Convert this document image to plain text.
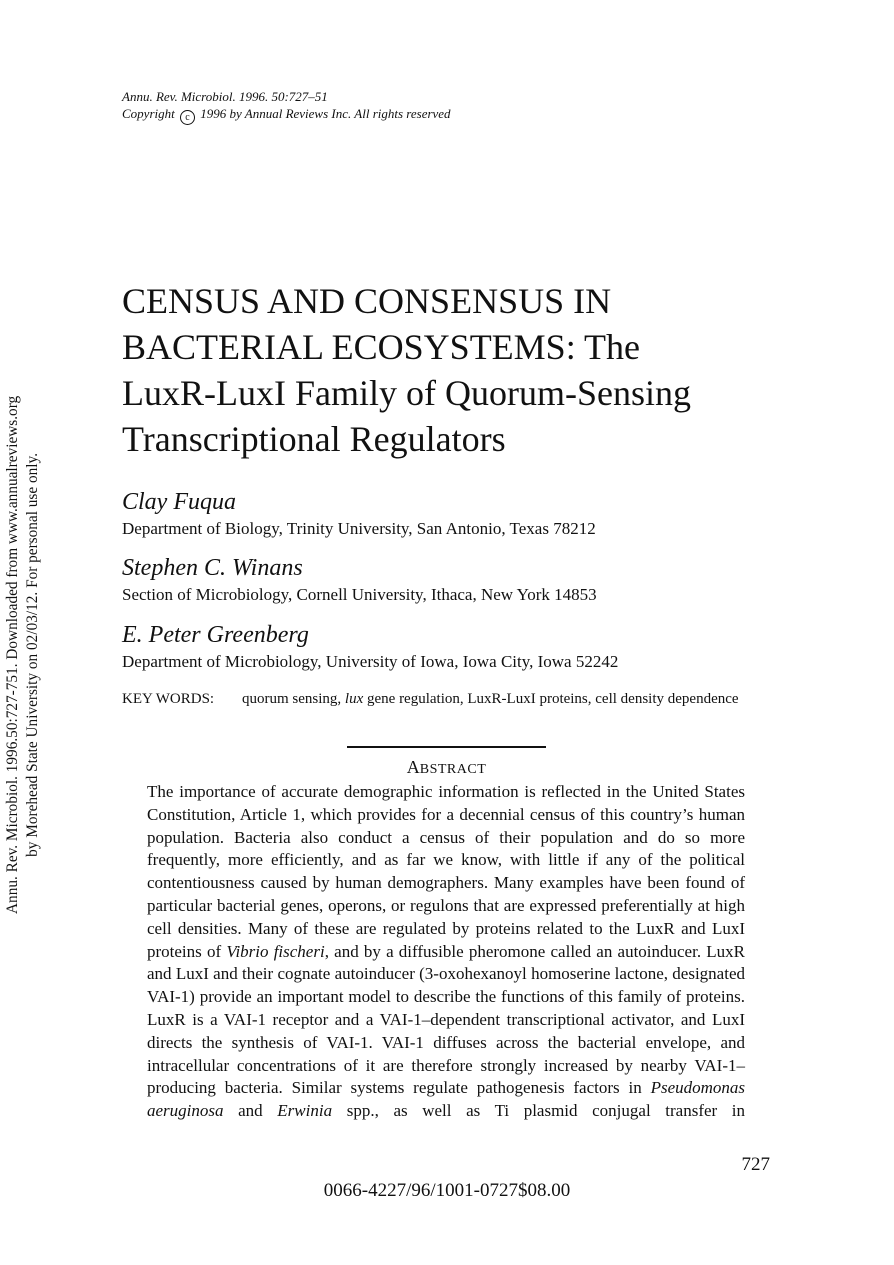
Annu. Rev. Microbiol. 1996. 50:727–51
Copyright c 1996 by Annual Reviews Inc. All rights reserved
CENSUS AND CONSENSUS IN
BACTERIAL ECOSYSTEMS: The
LuxR-LuxI Family of Quorum-Sensing
Transcriptional Regulators
Clay Fuqua
Department of Biology, Trinity University, San Antonio, Texas 78212
Stephen C. Winans
Section of Microbiology, Cornell University, Ithaca, New York 14853
E. Peter Greenberg
Department of Microbiology, University of Iowa, Iowa City, Iowa 52242
KEY WORDS: quorum sensing, lux gene regulation, LuxR-LuxI proteins, cell density dependence
ABSTRACT
The importance of accurate demographic information is reflected in the United States Constitution, Article 1, which provides for a decennial census of this country’s human population. Bacteria also conduct a census of their population and do so more frequently, more efficiently, and as far we know, with little if any of the political contentiousness caused by human demographers. Many examples have been found of particular bacterial genes, operons, or regulons that are expressed preferentially at high cell densities. Many of these are regulated by proteins related to the LuxR and LuxI proteins of Vibrio fischeri, and by a diffusible pheromone called an autoinducer. LuxR and LuxI and their cognate autoinducer (3-oxohexanoyl homoserine lactone, designated VAI-1) provide an important model to describe the functions of this family of proteins. LuxR is a VAI-1 receptor and a VAI-1–dependent transcriptional activator, and LuxI directs the synthesis of VAI-1. VAI-1 diffuses across the bacterial envelope, and intracellular concentrations of it are therefore strongly increased by nearby VAI-1–producing bacteria. Similar systems regulate pathogenesis factors in Pseudomonas aeruginosa and Erwinia spp., as well as Ti plasmid conjugal transfer in
727
0066-4227/96/1001-0727$08.00
Annu. Rev. Microbiol. 1996.50:727-751. Downloaded from www.annualreviews.org by Morehead State University on 02/03/12. For personal use only.
